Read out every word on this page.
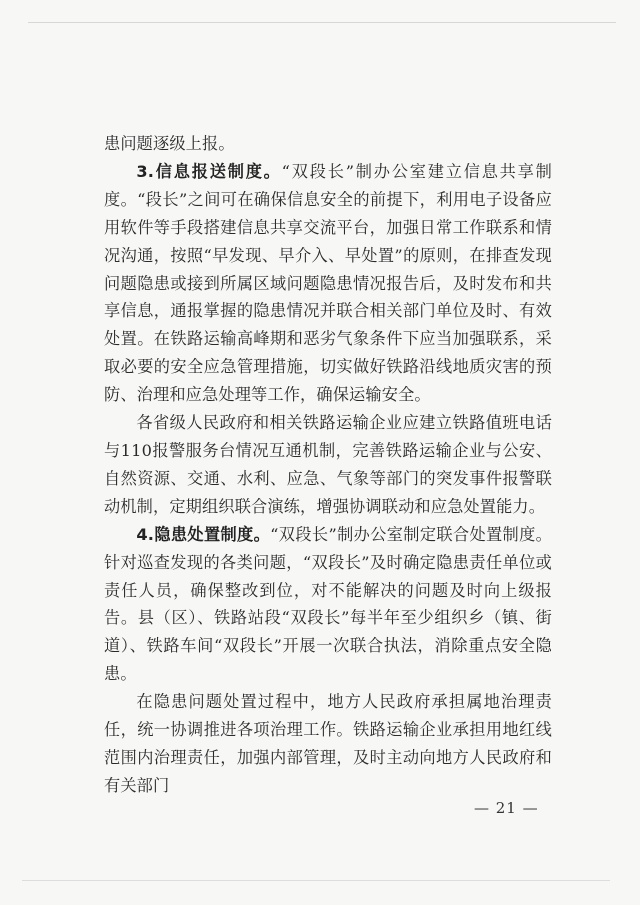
患问题逐级上报。

3.信息报送制度。“双段长”制办公室建立信息共享制度。“段长”之间可在确保信息安全的前提下，利用电子设备应用软件等手段搭建信息共享交流平台，加强日常工作联系和情况沟通，按照“早发现、早介入、早处置”的原则，在排查发现问题隐患或接到所属区域问题隐患情况报告后，及时发布和共享信息，通报掌握的隐患情况并联合相关部门单位及时、有效处置。在铁路运输高峰期和恶劣气象条件下应当加强联系，采取必要的安全应急管理措施，切实做好铁路沿线地质灾害的预防、治理和应急处理等工作，确保运输安全。

各省级人民政府和相关铁路运输企业应建立铁路值班电话与110报警服务台情况互通机制，完善铁路运输企业与公安、自然资源、交通、水利、应急、气象等部门的突发事件报警联动机制，定期组织联合演练，增强协调联动和应急处置能力。

4.隐患处置制度。“双段长”制办公室制定联合处置制度。针对巡查发现的各类问题，“双段长”及时确定隐患责任单位或责任人员，确保整改到位，对不能解决的问题及时向上级报告。县（区）、铁路站段“双段长”每半年至少组织乡（镇、街道）、铁路车间“双段长”开展一次联合执法，消除重点安全隐患。

在隐患问题处置过程中，地方人民政府承担属地治理责任，统一协调推进各项治理工作。铁路运输企业承担用地红线范围内治理责任，加强内部管理，及时主动向地方人民政府和有关部门

— 21 —
